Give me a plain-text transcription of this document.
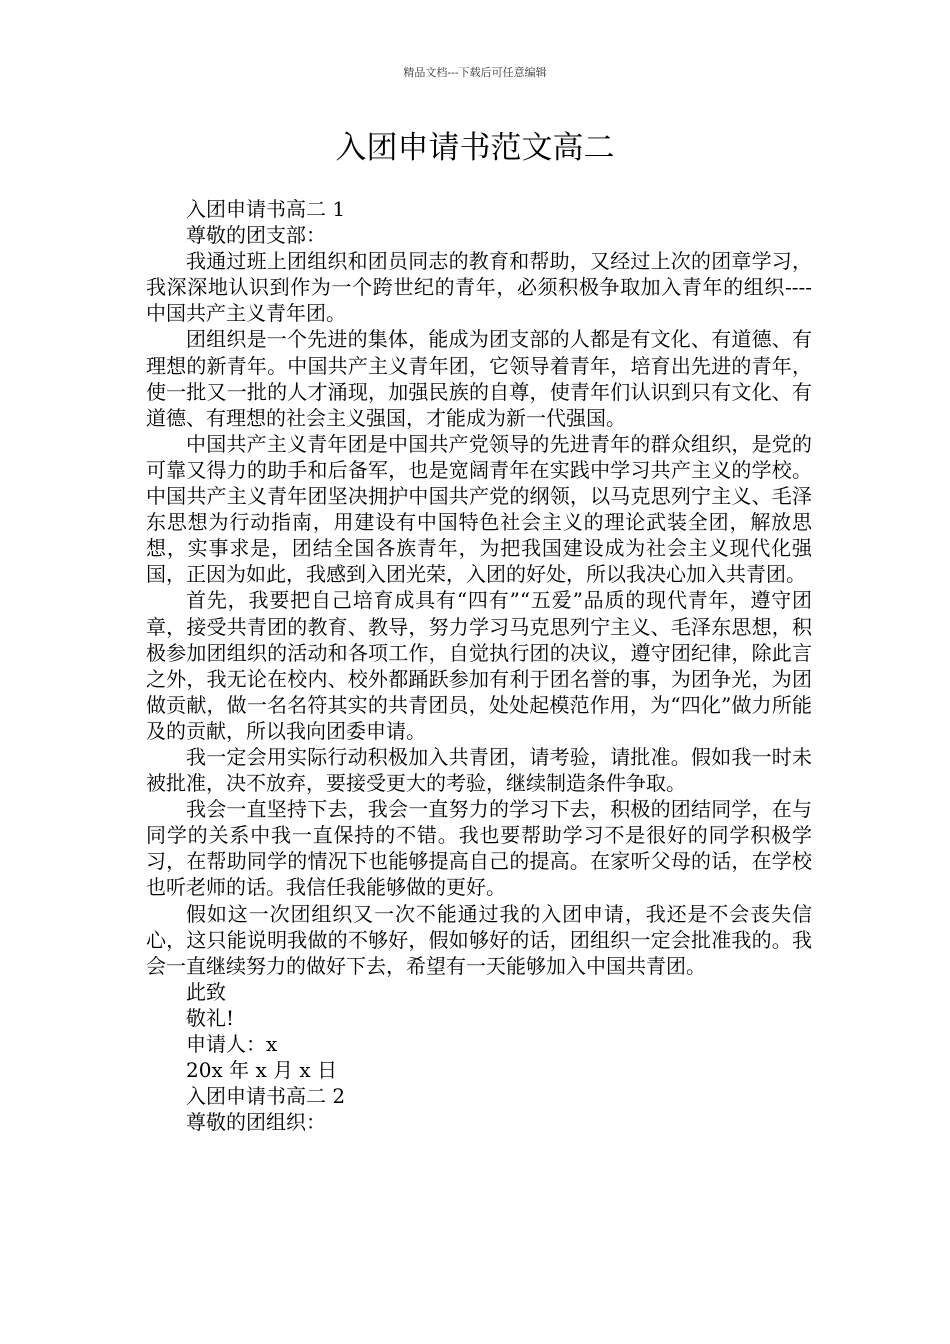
精品文档---下载后可任意编辑
入团申请书范文高二

入团申请书高二 1

尊敬的团支部：

我通过班上团组织和团员同志的教育和帮助，又经过上次的团章学习，我深深地认识到作为一个跨世纪的青年，必须积极争取加入青年的组织----中国共产主义青年团。

团组织是一个先进的集体，能成为团支部的人都是有文化、有道德、有理想的新青年。中国共产主义青年团，它领导着青年，培育出先进的青年，使一批又一批的人才涌现，加强民族的自尊，使青年们认识到只有文化、有道德、有理想的社会主义强国，才能成为新一代强国。

中国共产主义青年团是中国共产党领导的先进青年的群众组织，是党的可靠又得力的助手和后备军，也是宽阔青年在实践中学习共产主义的学校。中国共产主义青年团坚决拥护中国共产党的纲领，以马克思列宁主义、毛泽东思想为行动指南，用建设有中国特色社会主义的理论武装全团，解放思想，实事求是，团结全国各族青年，为把我国建设成为社会主义现代化强国，正因为如此，我感到入团光荣，入团的好处，所以我决心加入共青团。

首先，我要把自己培育成具有“四有”“五爱”品质的现代青年，遵守团章，接受共青团的教育、教导，努力学习马克思列宁主义、毛泽东思想，积极参加团组织的活动和各项工作，自觉执行团的决议，遵守团纪律，除此言之外，我无论在校内、校外都踊跃参加有利于团名誉的事，为团争光，为团做贡献，做一名名符其实的共青团员，处处起模范作用，为“四化”做力所能及的贡献，所以我向团委申请。

我一定会用实际行动积极加入共青团，请考验，请批准。假如我一时未被批准，决不放弃，要接受更大的考验，继续制造条件争取。

我会一直坚持下去，我会一直努力的学习下去，积极的团结同学，在与同学的关系中我一直保持的不错。我也要帮助学习不是很好的同学积极学习，在帮助同学的情况下也能够提高自己的提高。在家听父母的话，在学校也听老师的话。我信任我能够做的更好。

假如这一次团组织又一次不能通过我的入团申请，我还是不会丧失信心，这只能说明我做的不够好，假如够好的话，团组织一定会批准我的。我会一直继续努力的做好下去，希望有一天能够加入中国共青团。

此致

敬礼!

申请人：x

20x 年 x 月 x 日

入团申请书高二 2

尊敬的团组织：
